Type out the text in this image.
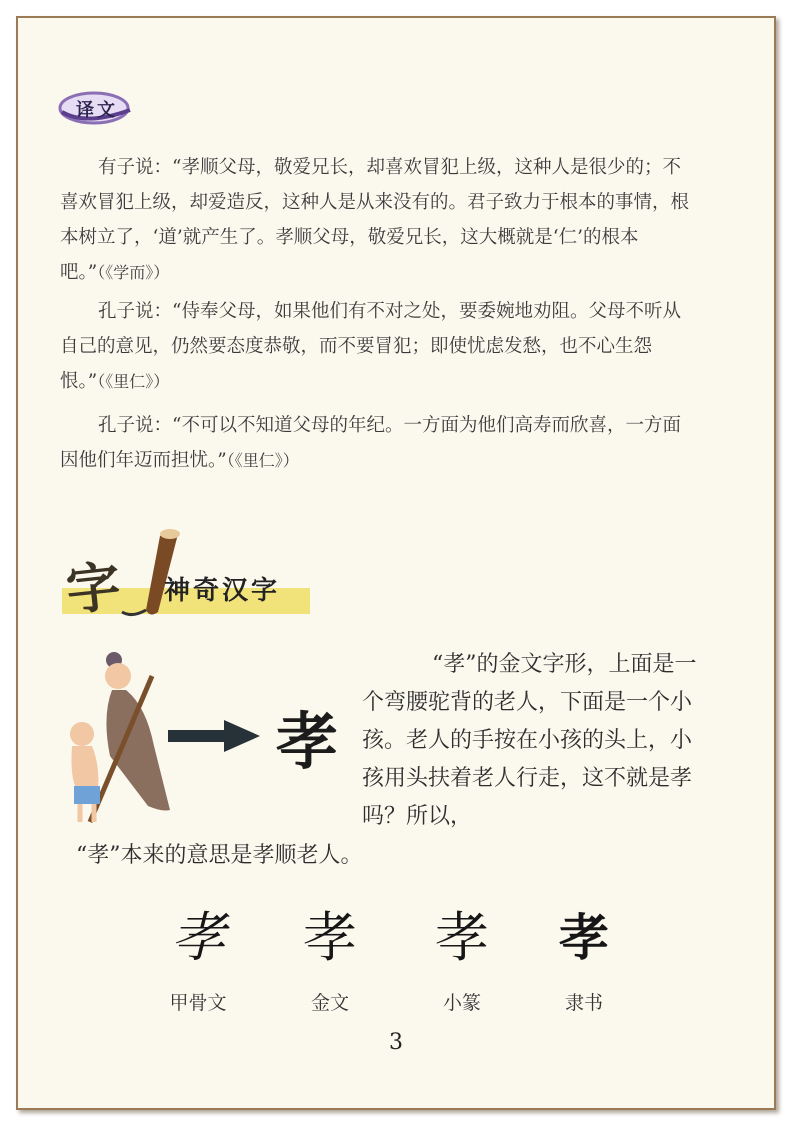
译文

有子说：“孝顺父母，敬爱兄长，却喜欢冒犯上级，这种人是很少的；不喜欢冒犯上级，却爱造反，这种人是从来没有的。君子致力于根本的事情，根本树立了，‘道’就产生了。孝顺父母，敬爱兄长，这大概就是‘仁’的根本吧。”（《学而》）

孔子说：“侍奉父母，如果他们有不对之处，要委婉地劝阻。父母不听从自己的意见，仍然要态度恭敬，而不要冒犯；即使忧虑发愁，也不心生怨恨。”（《里仁》）

孔子说：“不可以不知道父母的年纪。一方面为他们高寿而欣喜，一方面因他们年迈而担忧。”（《里仁》）

字 神奇汉字
孝

“孝”的金文字形，上面是一个弯腰驼背的老人，下面是一个小孩。老人的手按在小孩的头上，小孩用头扶着老人行走，这不就是孝吗？所以，

“孝”本来的意思是孝顺老人。
孝
甲骨文
孝
金文
孝
小篆
孝
隶书
3
